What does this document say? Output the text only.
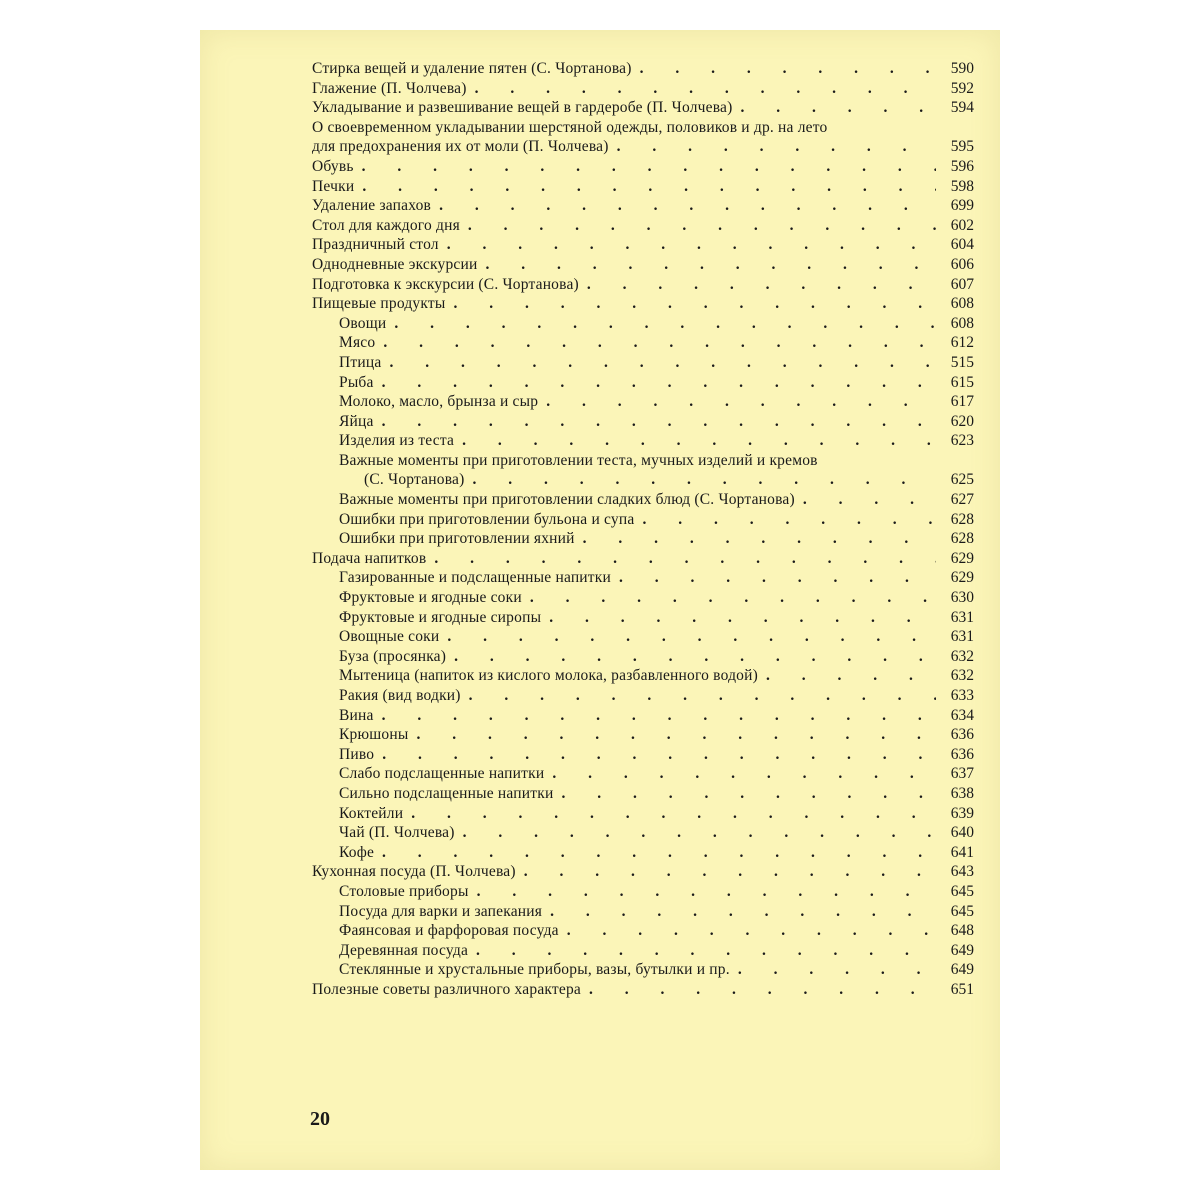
Стирка вещей и удаление пятен (С. Чортанова) . . .	590
Глажение (П. Чолчева) . . .	592
Укладывание и развешивание вещей в гардеробе (П. Чолчева) . . .	594
О своевременном укладывании шерстяной одежды, половиков и др. на лето
для предохранения их от моли (П. Чолчева) . . .	595
Обувь . . .	596
Печки . . .	598
Удаление запахов . . .	699
Стол для каждого дня . . .	602
Праздничный стол . . .	604
Однодневные экскурсии . . .	606
Подготовка к экскурсии (С. Чортанова) . . .	607
Пищевые продукты . . .	608
Овощи . . .	608
Мясо . . .	612
Птица . . .	515
Рыба . . .	615
Молоко, масло, брынза и сыр . . .	617
Яйца . . .	620
Изделия из теста . . .	623
Важные моменты при приготовлении теста, мучных изделий и кремов
(С. Чортанова) . . .	625
Важные моменты при приготовлении сладких блюд (С. Чортанова) . . .	627
Ошибки при приготовлении бульона и супа . . .	628
Ошибки при приготовлении яхний . . .	628
Подача напитков . . .	629
Газированные и подслащенные напитки . . .	629
Фруктовые и ягодные соки . . .	630
Фруктовые и ягодные сиропы . . .	631
Овощные соки . . .	631
Буза (просянка) . . .	632
Мытеница (напиток из кислого молока, разбавленного водой) . . .	632
Ракия (вид водки) . . .	633
Вина . . .	634
Крюшоны . . .	636
Пиво . . .	636
Слабо подслащенные напитки . . .	637
Сильно подслащенные напитки . . .	638
Коктейли . . .	639
Чай (П. Чолчева) . . .	640
Кофе . . .	641
Кухонная посуда (П. Чолчева) . . .	643
Столовые приборы . . .	645
Посуда для варки и запекания . . .	645
Фаянсовая и фарфоровая посуда . . .	648
Деревянная посуда . . .	649
Стеклянные и хрустальные приборы, вазы, бутылки и пр. . . .	649
Полезные советы различного характера . . .	651
20
